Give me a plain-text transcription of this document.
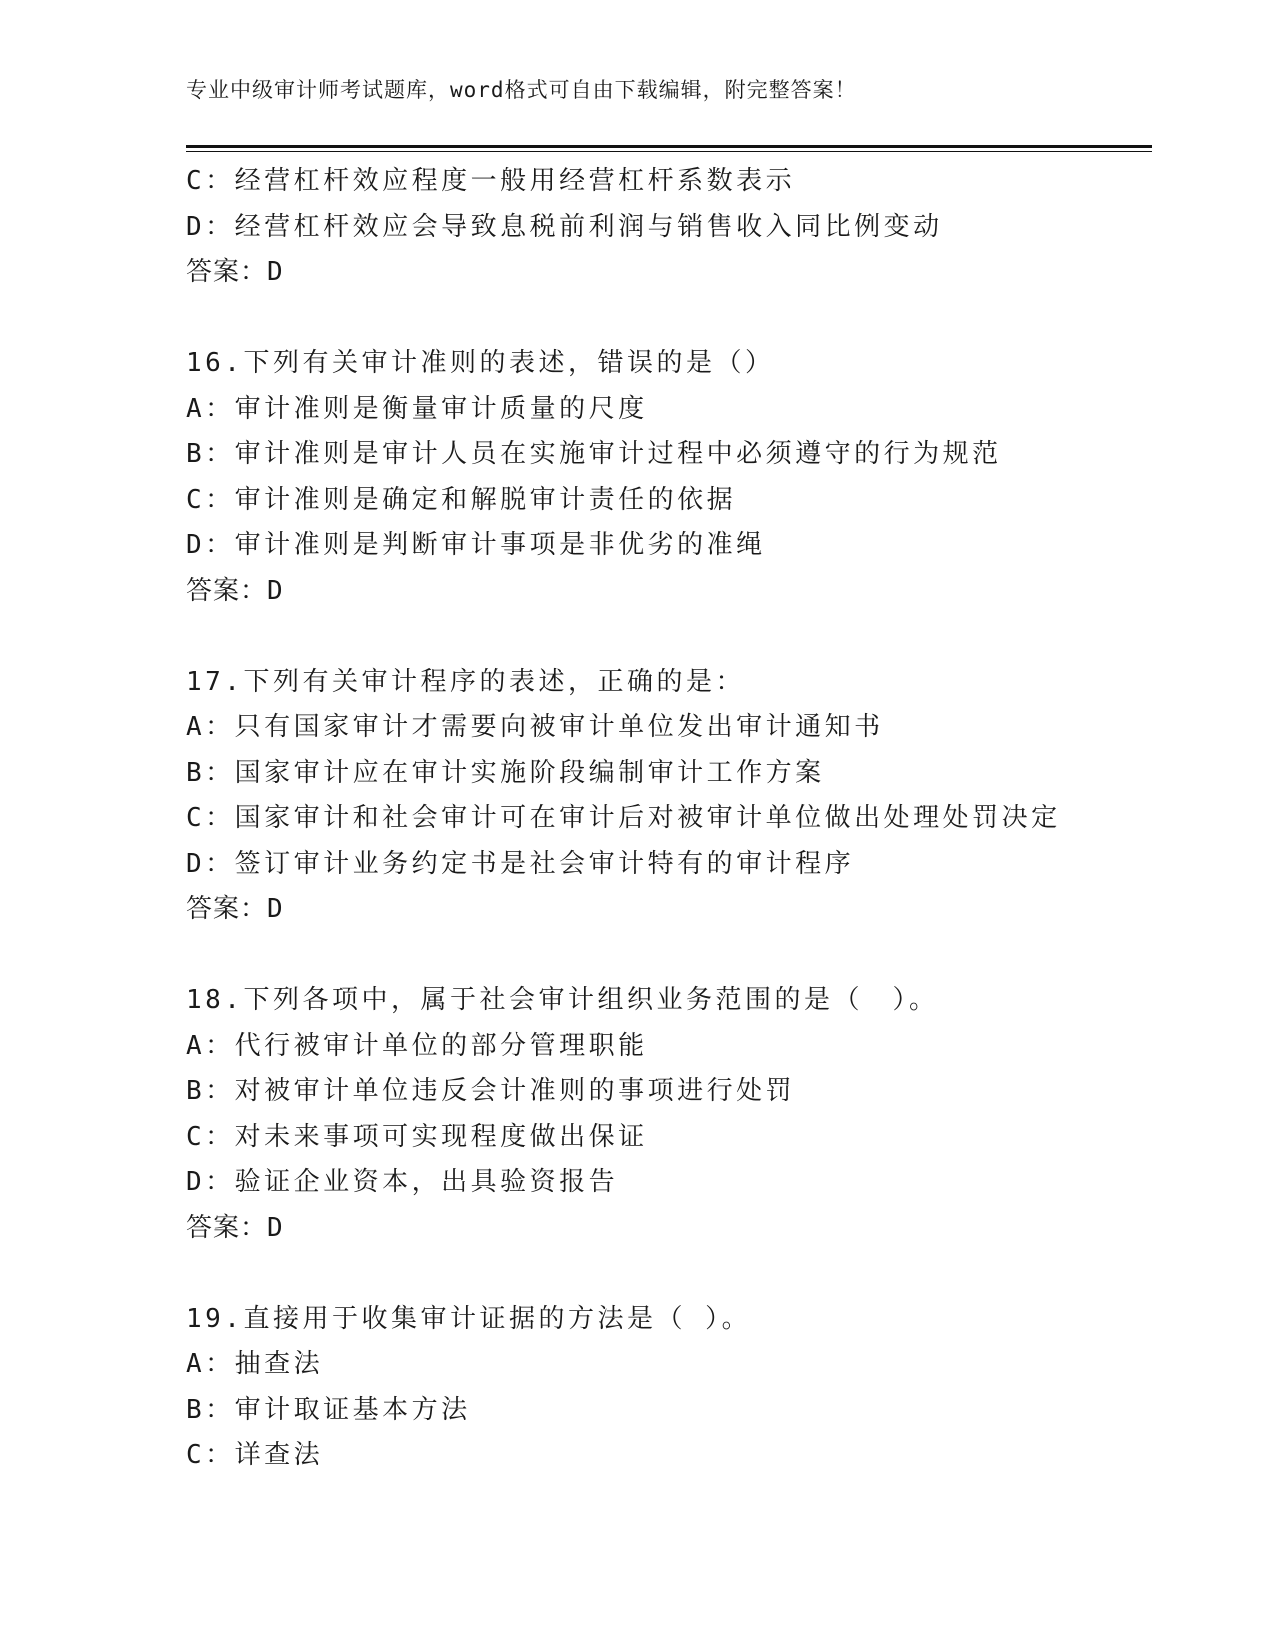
专业中级审计师考试题库，word格式可自由下载编辑，附完整答案！
C：经营杠杆效应程度一般用经营杠杆系数表示
D：经营杠杆效应会导致息税前利润与销售收入同比例变动
答案：D
16.下列有关审计准则的表述，错误的是（）
A：审计准则是衡量审计质量的尺度
B：审计准则是审计人员在实施审计过程中必须遵守的行为规范
C：审计准则是确定和解脱审计责任的依据
D：审计准则是判断审计事项是非优劣的准绳
答案：D
17.下列有关审计程序的表述，正确的是：
A：只有国家审计才需要向被审计单位发出审计通知书
B：国家审计应在审计实施阶段编制审计工作方案
C：国家审计和社会审计可在审计后对被审计单位做出处理处罚决定
D：签订审计业务约定书是社会审计特有的审计程序
答案：D
18.下列各项中，属于社会审计组织业务范围的是（　）。
A：代行被审计单位的部分管理职能
B：对被审计单位违反会计准则的事项进行处罚
C：对未来事项可实现程度做出保证
D：验证企业资本，出具验资报告
答案：D
19.直接用于收集审计证据的方法是（ ）。
A：抽查法
B：审计取证基本方法
C：详查法
